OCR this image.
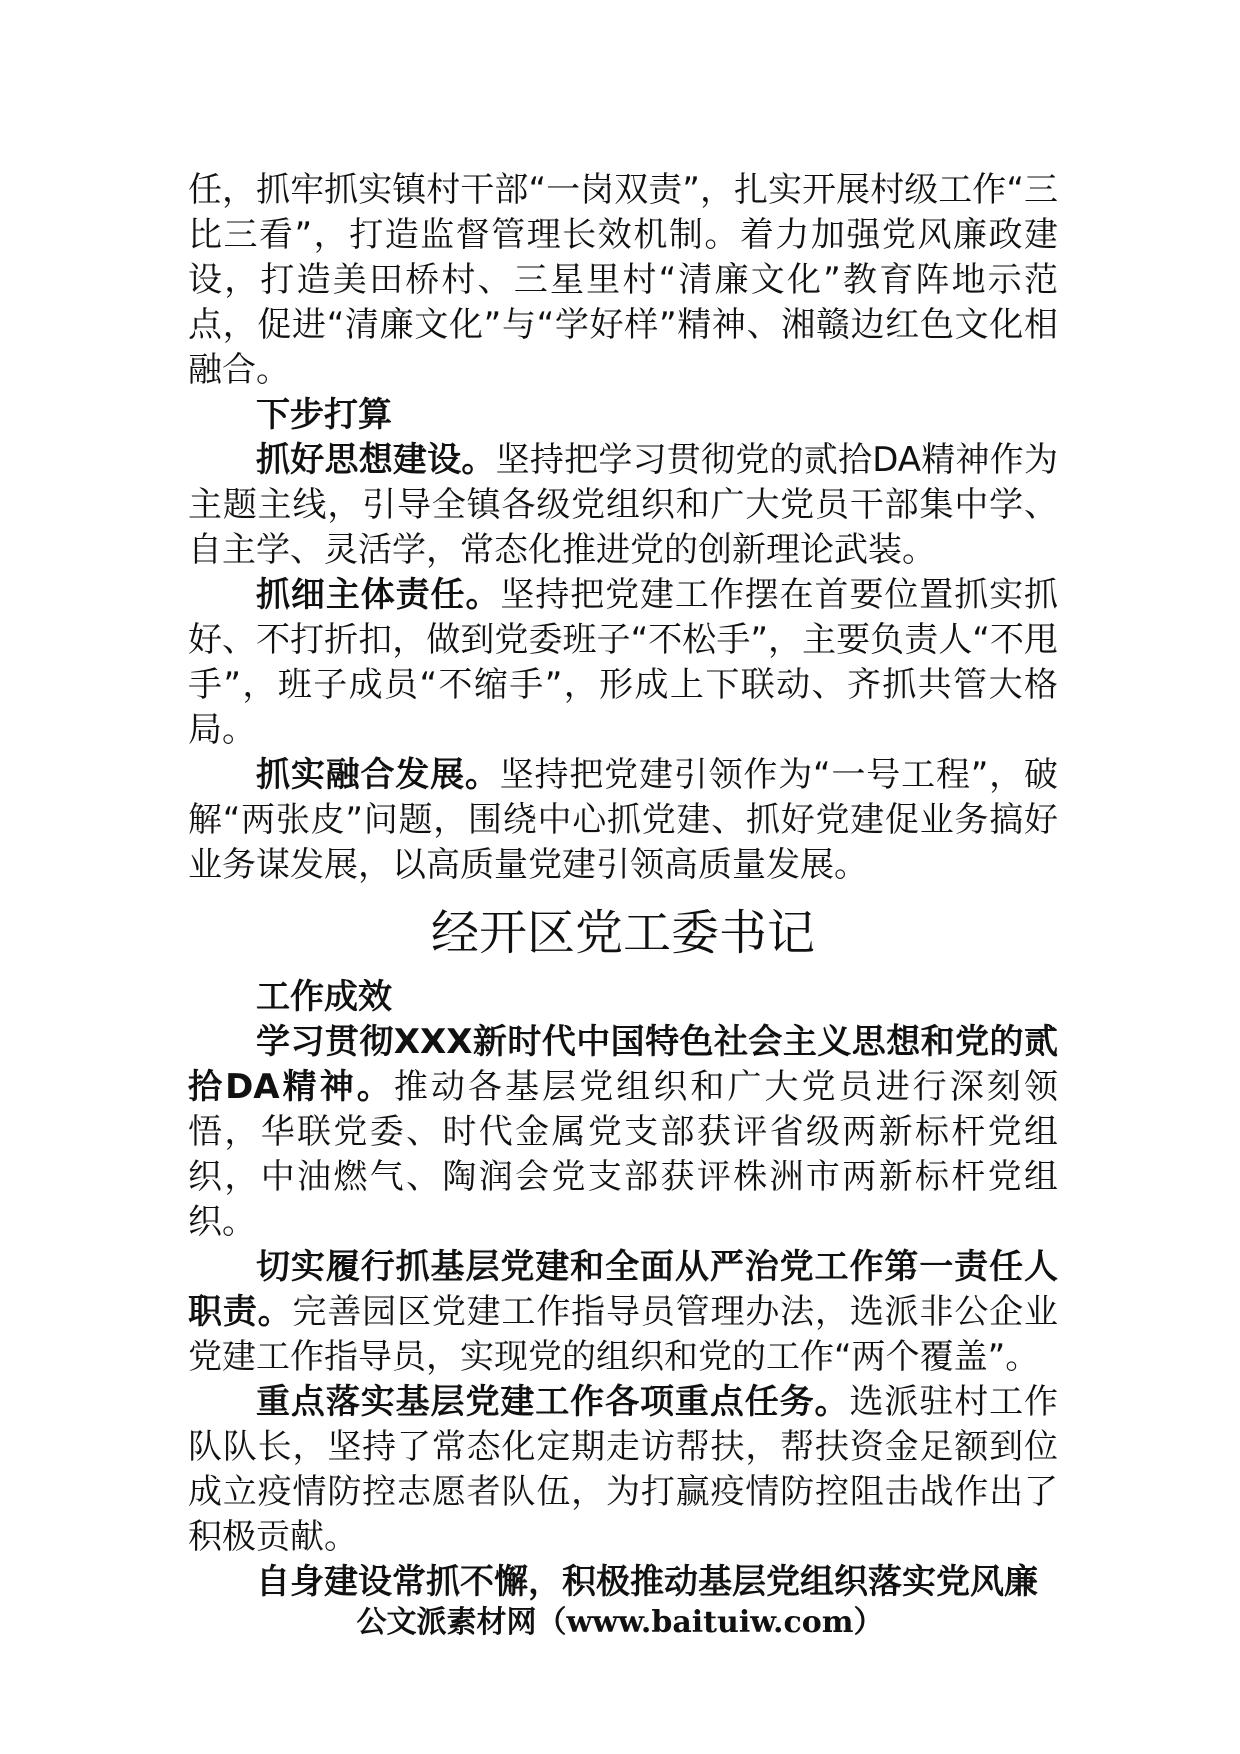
任，抓牢抓实镇村干部“一岗双责”，扎实开展村级工作“三比三看”，打造监督管理长效机制。着力加强党风廉政建设，打造美田桥村、三星里村“清廉文化”教育阵地示范点，促进“清廉文化”与“学好样”精神、湘赣边红色文化相融合。

下步打算

抓好思想建设。坚持把学习贯彻党的贰拾DA精神作为主题主线，引导全镇各级党组织和广大党员干部集中学、自主学、灵活学，常态化推进党的创新理论武装。

抓细主体责任。坚持把党建工作摆在首要位置抓实抓好、不打折扣，做到党委班子“不松手”，主要负责人“不甩手”，班子成员“不缩手”，形成上下联动、齐抓共管大格局。

抓实融合发展。坚持把党建引领作为“一号工程”，破解“两张皮”问题，围绕中心抓党建、抓好党建促业务搞好业务谋发展，以高质量党建引领高质量发展。

经开区党工委书记

工作成效

学习贯彻XXX新时代中国特色社会主义思想和党的贰拾DA精神。推动各基层党组织和广大党员进行深刻领悟，华联党委、时代金属党支部获评省级两新标杆党组织，中油燃气、陶润会党支部获评株洲市两新标杆党组织。

切实履行抓基层党建和全面从严治党工作第一责任人职责。完善园区党建工作指导员管理办法，选派非公企业党建工作指导员，实现党的组织和党的工作“两个覆盖”。

重点落实基层党建工作各项重点任务。选派驻村工作队队长，坚持了常态化定期走访帮扶，帮扶资金足额到位成立疫情防控志愿者队伍，为打赢疫情防控阻击战作出了积极贡献。

自身建设常抓不懈，积极推动基层党组织落实党风廉

公文派素材网（www.baituiw.com）
